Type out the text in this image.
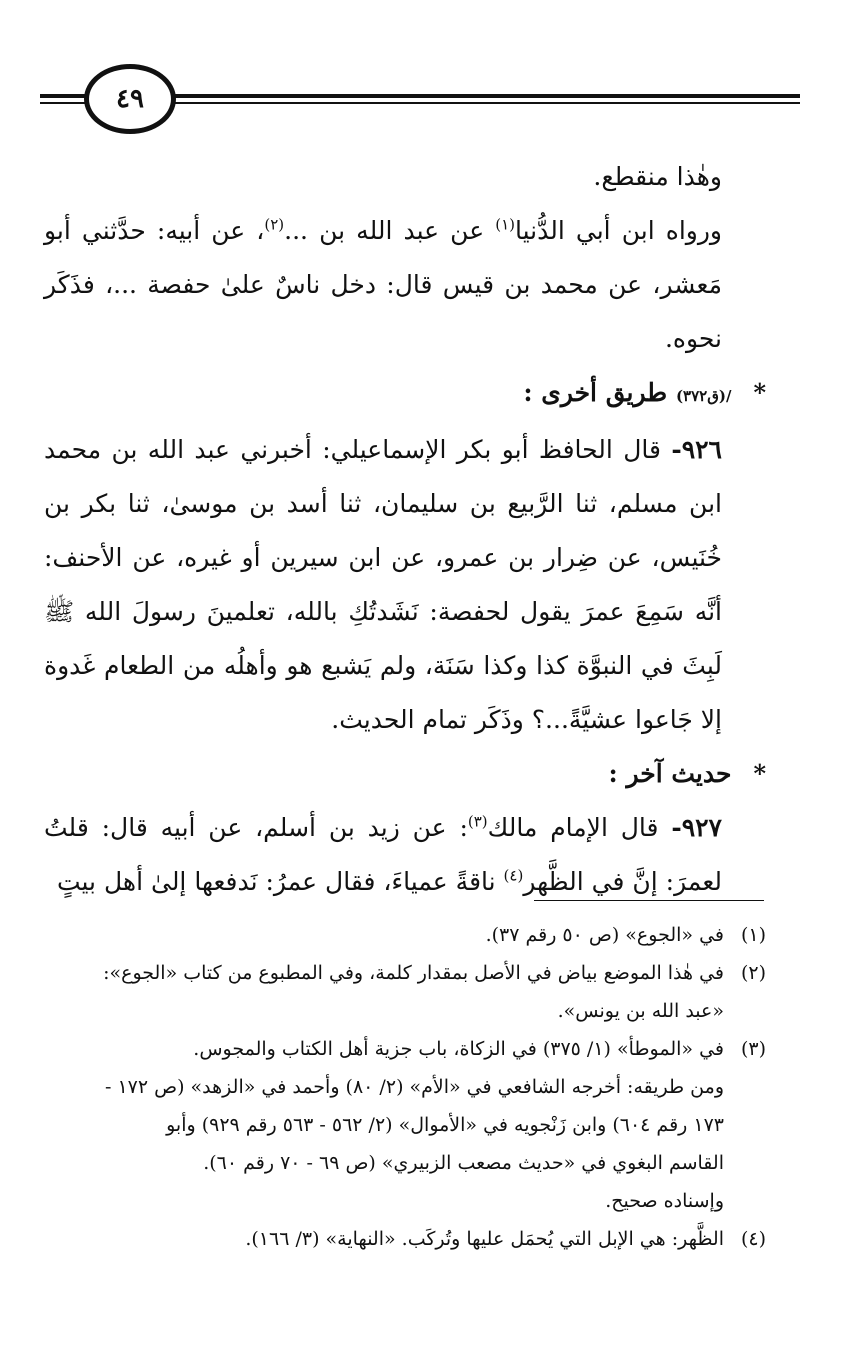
٤٩

وهٰذا منقطع.

ورواه ابن أبي الدُّنيا$^{(١)}$ عن عبد الله بن ...$^{(٢)}$، عن أبيه: حدَّثني أبو مَعشر، عن محمد بن قيس قال: دخل ناسٌ علىٰ حفصة ...، فذَكَر نحوه.

*/(ق٣٧٢) طريق أخرى :

٩٢٦- قال الحافظ أبو بكر الإسماعيلي: أخبرني عبد الله بن محمد ابن مسلم، ثنا الرَّبيع بن سليمان، ثنا أسد بن موسىٰ، ثنا بكر بن خُنَيس، عن ضِرار بن عمرو، عن ابن سيرين أو غيره، عن الأحنف: أنَّه سَمِعَ عمرَ يقول لحفصة: نَشَدتُكِ بالله، تعلمينَ رسولَ الله ﷺ لَبِثَ في النبوَّة كذا وكذا سَنَة، ولم يَشبع هو وأهلُه من الطعام غَدوة إلا جَاعوا عشيَّةً...؟ وذَكَر تمام الحديث.

*حديث آخر :

٩٢٧- قال الإمام مالك$^{(٣)}$: عن زيد بن أسلم، عن أبيه قال: قلتُ لعمرَ: إنَّ في الظَّهر$^{(٤)}$ ناقةً عمياءَ، فقال عمرُ: نَدفعها إلىٰ أهل بيتٍ

(١)
في «الجوع» (ص ٥٠ رقم ٣٧).
(٢)
في هٰذا الموضع بياض في الأصل بمقدار كلمة، وفي المطبوع من كتاب «الجوع»:
«عبد الله بن يونس».
(٣)
في «الموطأ» (١/ ٣٧٥) في الزكاة، باب جزية أهل الكتاب والمجوس.
ومن طريقه: أخرجه الشافعي في «الأم» (٢/ ٨٠) وأحمد في «الزهد» (ص ١٧٢ -
١٧٣ رقم ٦٠٤) وابن زَنْجويه في «الأموال» (٢/ ٥٦٢ - ٥٦٣ رقم ٩٢٩) وأبو
القاسم البغوي في «حديث مصعب الزبيري» (ص ٦٩ - ٧٠ رقم ٦٠).
وإسناده صحيح.
(٤)
الظَّهر: هي الإبل التي يُحمَل عليها وتُركَب. «النهاية» (٣/ ١٦٦).
